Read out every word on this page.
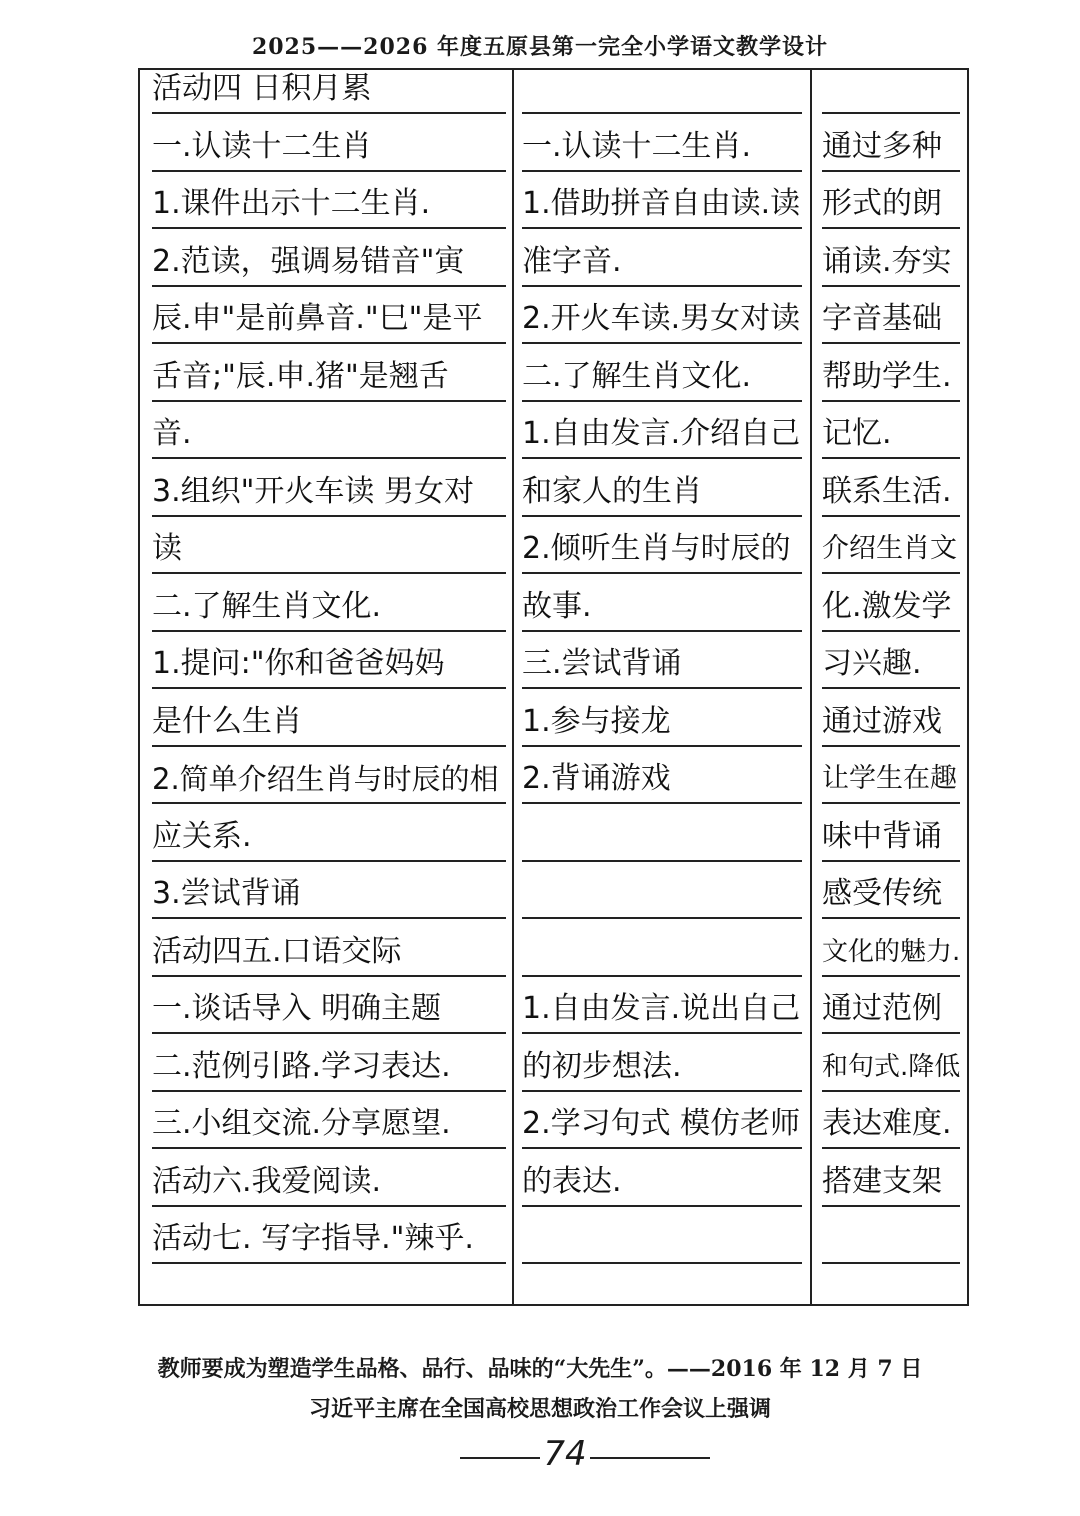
2025——2026 年度五原县第一完全小学语文教学设计
活动四 日积月累
一.认读十二生肖
1.课件出示十二生肖.
2.范读，强调易错音"寅
辰.申"是前鼻音."巳"是平
舌音;"辰.申.猪"是翘舌
音.
3.组织"开火车读 男女对
读
二.了解生肖文化.
1.提问:"你和爸爸妈妈
是什么生肖
2.简单介绍生肖与时辰的相
应关系.
3.尝试背诵
活动四五.口语交际
一.谈话导入 明确主题
二.范例引路.学习表达.
三.小组交流.分享愿望.
活动六.我爱阅读.
活动七. 写字指导."辣乎.
一.认读十二生肖.
1.借助拼音自由读.读
准字音.
2.开火车读.男女对读
二.了解生肖文化.
1.自由发言.介绍自己
和家人的生肖
2.倾听生肖与时辰的
故事.
三.尝试背诵
1.参与接龙
2.背诵游戏
1.自由发言.说出自己
的初步想法.
2.学习句式 模仿老师
的表达.
通过多种
形式的朗
诵读.夯实
字音基础
帮助学生.
记忆.
联系生活.
介绍生肖文
化.激发学
习兴趣.
通过游戏
让学生在趣
味中背诵
感受传统
文化的魅力.
通过范例
和句式.降低
表达难度.
搭建支架
教师要成为塑造学生品格、品行、品味的“大先生”。——2016 年 12 月 7 日
习近平主席在全国高校思想政治工作会议上强调
74
